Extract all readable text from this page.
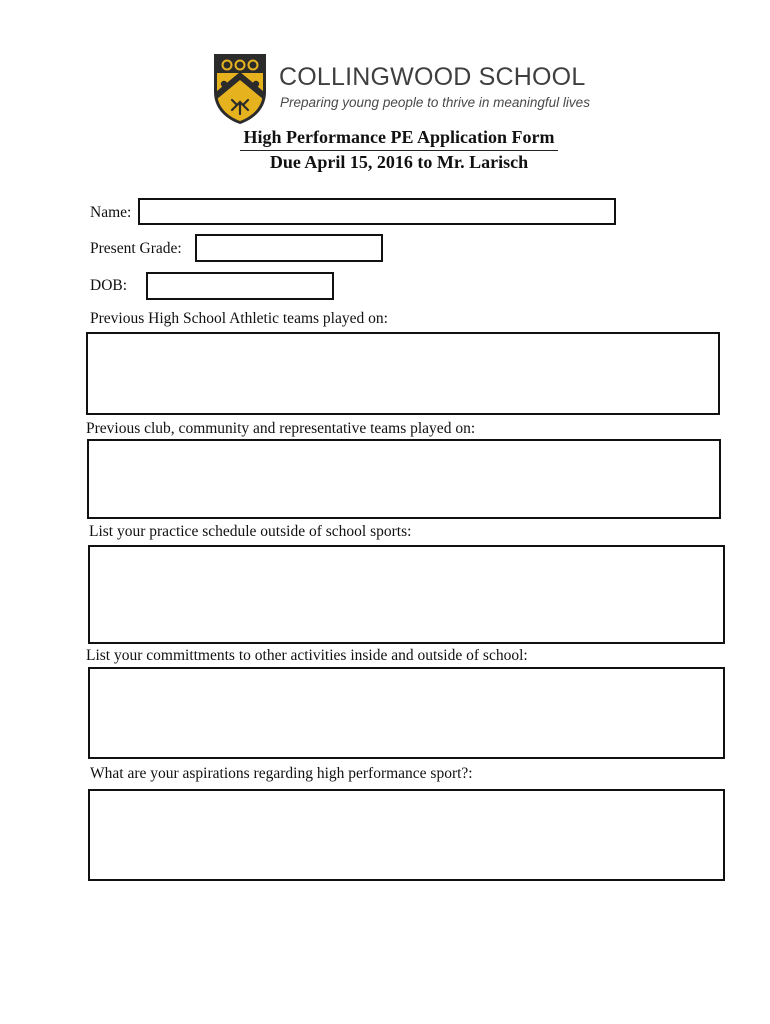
COLLINGWOOD SCHOOL
Preparing young people to thrive in meaningful lives
High Performance PE Application Form
Due April 15, 2016 to Mr. Larisch
Name:
Present Grade:
DOB:
Previous High School Athletic teams played on:
Previous club, community and representative teams played on:
List your practice schedule outside of school sports:
List your committments to other activities inside and outside of school:
What are your aspirations regarding high performance sport?:
